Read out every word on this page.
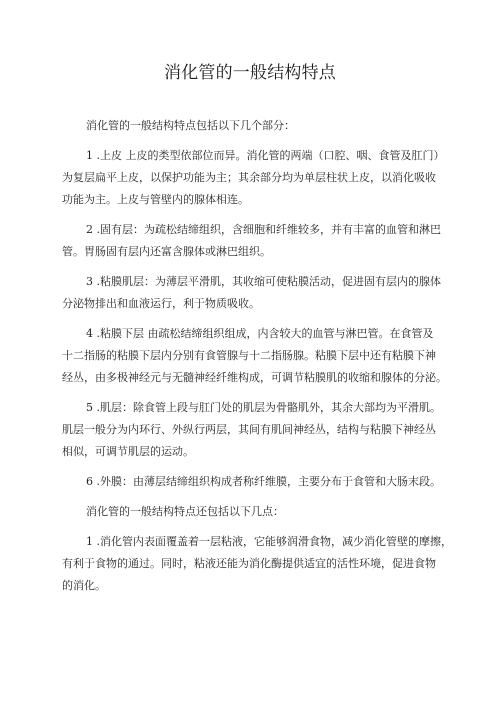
消化管的一般结构特点
消化管的一般结构特点包括以下几个部分：
1 .上皮 上皮的类型依部位而异。消化管的两端（口腔、咽、食管及肛门）
为复层扁平上皮，以保护功能为主；其余部分均为单层柱状上皮，以消化吸收
功能为主。上皮与管壁内的腺体相连。
2 .固有层：为疏松结缔组织，含细胞和纤维较多，并有丰富的血管和淋巴
管。胃肠固有层内还富含腺体或淋巴组织。
3 .粘膜肌层：为薄层平滑肌，其收缩可使粘膜活动，促进固有层内的腺体
分泌物排出和血液运行，利于物质吸收。
4 .粘膜下层 由疏松结缔组织组成，内含较大的血管与淋巴管。在食管及
十二指肠的粘膜下层内分别有食管腺与十二指肠腺。粘膜下层中还有粘膜下神
经丛，由多极神经元与无髓神经纤维构成，可调节粘膜肌的收缩和腺体的分泌。
5 .肌层：除食管上段与肛门处的肌层为骨骼肌外，其余大部均为平滑肌。
肌层一般分为内环行、外纵行两层，其间有肌间神经丛，结构与粘膜下神经丛
相似，可调节肌层的运动。
6 .外膜：由薄层结缔组织构成者称纤维膜，主要分布于食管和大肠末段。
消化管的一般结构特点还包括以下几点：
1 .消化管内表面覆盖着一层粘液，它能够润滑食物，减少消化管壁的摩擦，
有利于食物的通过。同时，粘液还能为消化酶提供适宜的活性环境，促进食物
的消化。
